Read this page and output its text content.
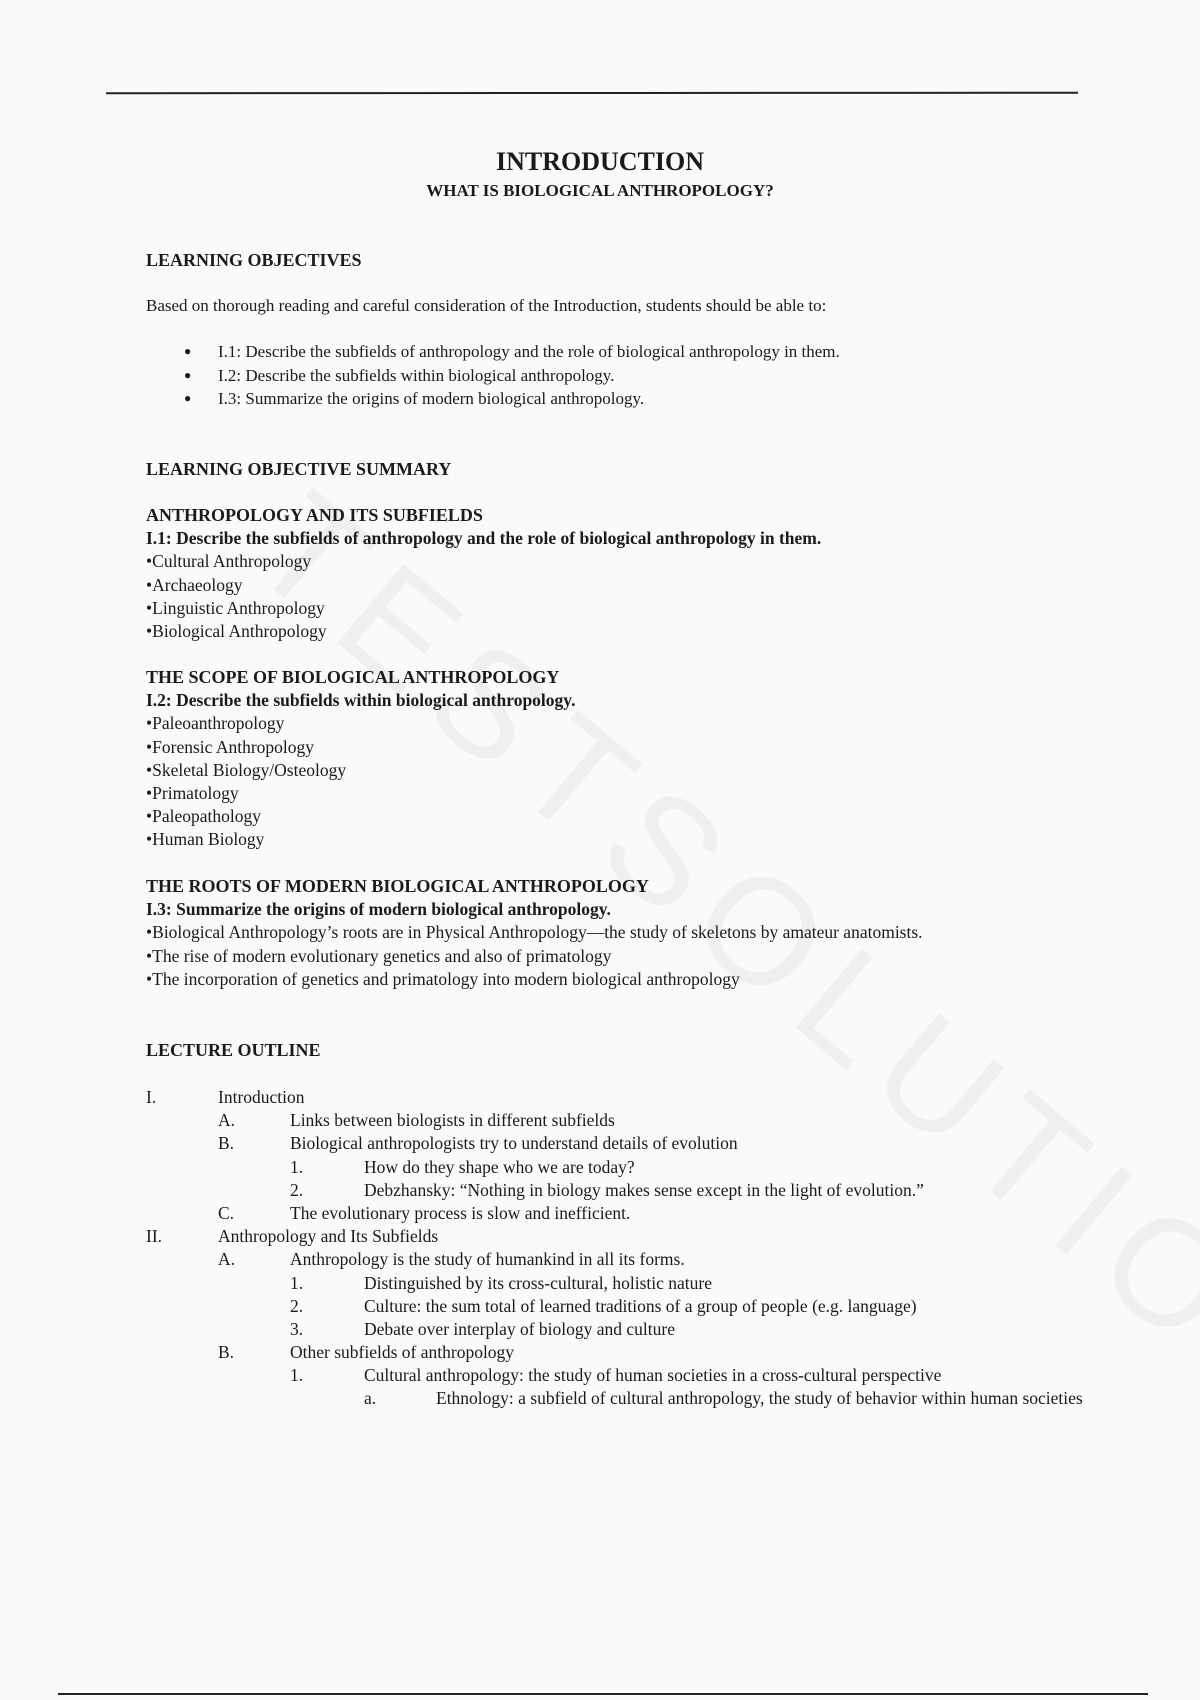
INTRODUCTION
WHAT IS BIOLOGICAL ANTHROPOLOGY?
LEARNING OBJECTIVES
Based on thorough reading and careful consideration of the Introduction, students should be able to:
● I.1: Describe the subfields of anthropology and the role of biological anthropology in them.
● I.2: Describe the subfields within biological anthropology.
● I.3: Summarize the origins of modern biological anthropology.
LEARNING OBJECTIVE SUMMARY
ANTHROPOLOGY AND ITS SUBFIELDS
I.1: Describe the subfields of anthropology and the role of biological anthropology in them.
• Cultural Anthropology
• Archaeology
• Linguistic Anthropology
• Biological Anthropology
THE SCOPE OF BIOLOGICAL ANTHROPOLOGY
I.2: Describe the subfields within biological anthropology.
• Paleoanthropology
• Forensic Anthropology
• Skeletal Biology/Osteology
• Primatology
• Paleopathology
• Human Biology
THE ROOTS OF MODERN BIOLOGICAL ANTHROPOLOGY
I.3: Summarize the origins of modern biological anthropology.
• Biological Anthropology’s roots are in Physical Anthropology—the study of skeletons by amateur anatomists.
• The rise of modern evolutionary genetics and also of primatology
• The incorporation of genetics and primatology into modern biological anthropology
LECTURE OUTLINE
I.	Introduction
A.	Links between biologists in different subfields
B.	Biological anthropologists try to understand details of evolution
1.	How do they shape who we are today?
2.	Debzhansky: “Nothing in biology makes sense except in the light of evolution.”
C.	The evolutionary process is slow and inefficient.
II.	Anthropology and Its Subfields
A.	Anthropology is the study of humankind in all its forms.
1.	Distinguished by its cross-cultural, holistic nature
2.	Culture: the sum total of learned traditions of a group of people (e.g. language)
3.	Debate over interplay of biology and culture
B.	Other subfields of anthropology
1.	Cultural anthropology: the study of human societies in a cross-cultural perspective
a.	Ethnology: a subfield of cultural anthropology, the study of behavior within human societies
